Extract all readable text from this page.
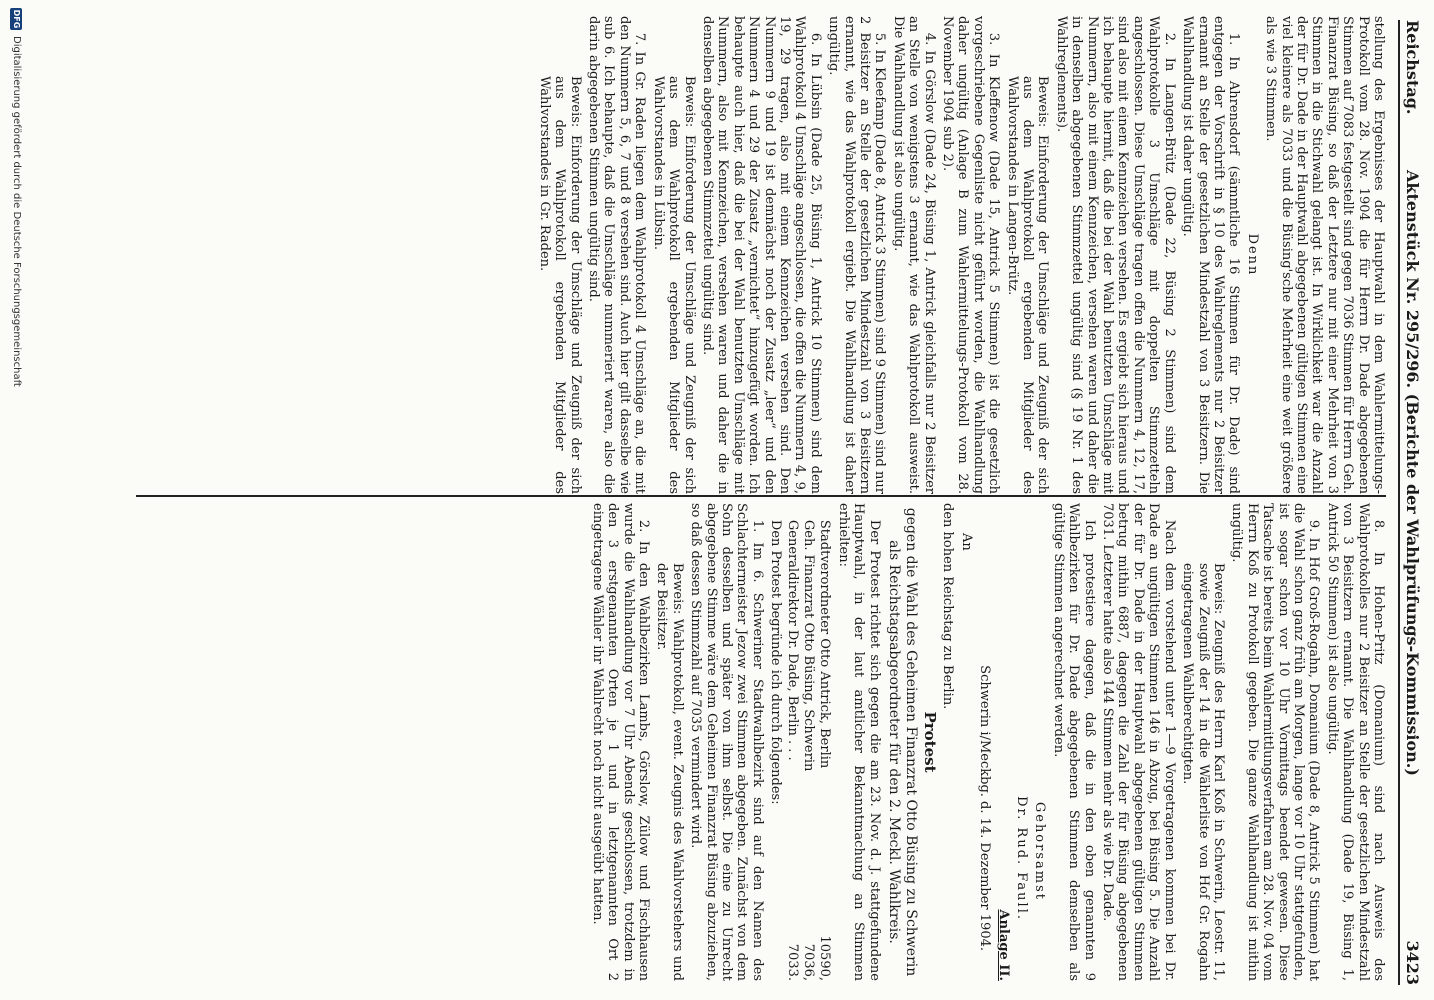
Reichstag.
Aktenstück Nr. 295/296. (Berichte der Wahlprüfungs-Kommission.)
3423

stellung des Ergebnisses der Hauptwahl in dem Wahlermittelungs-Protokoll vom 28. Nov. 1904 die für Herrn Dr. Dade abgegebenen Stimmen auf 7083 festgestellt sind gegen 7036 Stimmen für Herrn Geh. Finanzrat Büsing, so daß der Letztere nur mit einer Mehrheit von 3 Stimmen in die Stichwahl gelangt ist. In Wirklichkeit war die Anzahl der für Dr. Dade in der Hauptwahl abgegebenen gültigen Stimmen eine viel kleinere als 7033 und die Büsing'sche Mehrheit eine weit größere als wie 3 Stimmen.

Denn

1. In Ahrensdorf (sämmtliche 16 Stimmen für Dr. Dade) sind entgegen der Vorschrift in § 10 des Wahlreglements nur 2 Beisitzer ernannt an Stelle der gesetzlichen Mindestzahl von 3 Beisitzern. Die Wahlhandlung ist daher ungültig.

2. In Langen-Brütz (Dade 22, Büsing 2 Stimmen) sind dem Wahlprotokolle 3 Umschläge mit doppelten Stimmzetteln angeschlossen. Diese Umschläge tragen offen die Nummern 4, 12, 17, sind also mit einem Kennzeichen versehen. Es ergiebt sich hieraus und ich behaupte hiermit, daß die bei der Wahl benutzten Umschläge mit Nummern, also mit einem Kennzeichen, versehen waren und daher die in denselben abgegebenen Stimmzettel ungültig sind (§ 19 Nr. 1 des Wahlreglements).

Beweis: Einforderung der Umschläge und Zeugniß der sich aus dem Wahlprotokoll ergebenden Mitglieder des Wahlvorstandes in Langen-Brütz.

3. In Kleffenow (Dade 15, Antrick 5 Stimmen) ist die gesetzlich vorgeschriebene Gegenliste nicht geführt worden, die Wahlhandlung daher ungültig (Anlage B zum Wahlermittelungs-Protokoll vom 28. November 1904 sub 2).

4. In Görslow (Dade 24, Büsing 1, Antrick gleichfalls nur 2 Beisitzer an Stelle von wenigstens 3 ernannt, wie das Wahlprotokoll ausweist. Die Wahlhandlung ist also ungültig.

5. In Kleefamp (Dade 8, Antrick 3 Stimmen) sind 9 Stimmen) sind nur 2 Beisitzer an Stelle der gesetzlichen Mindestzahl von 3 Beisitzern ernannt, wie das Wahlprotokoll ergiebt. Die Wahlhandlung ist daher ungültig.

6. In Lübsin (Dade 25, Büsing 1, Antrick 10 Stimmen) sind dem Wahlprotokoll 4 Umschläge angeschlossen, die offen die Nummern 4, 9, 19, 29 tragen, also mit einem Kennzeichen versehen sind. Den Nummern 9 und 19 ist demnächst noch der Zusatz „leer“ und den Nummern 4 und 29 der Zusatz „vernichtet“ hinzugefügt worden. Ich behaupte auch hier, daß die bei der Wahl benutzten Umschläge mit Nummern, also mit Kennzeichen, versehen waren und daher die in denselben abgegebenen Stimmzettel ungültig sind.

Beweis: Einforderung der Umschläge und Zeugniß der sich aus dem Wahlprotokoll ergebenden Mitglieder des Wahlvorstandes in Lübsin.

7. In Gr. Raden liegen dem Wahlprotokoll 4 Umschläge an, die mit den Nummern 5, 6, 7 und 8 versehen sind. Auch hier gilt dasselbe wie sub 6. Ich behaupte, daß die Umschläge nummeriert waren, also die darin abgegebenen Stimmen ungültig sind.

Beweis: Einforderung der Umschläge und Zeugniß der sich aus dem Wahlprotokoll ergebenden Mitglieder des Wahlvorstandes in Gr. Raden.

8. In Hohen-Pritz (Domanium) sind nach Ausweis des Wahlprotokolles nur 2 Beisitzer an Stelle der gesetzlichen Mindestzahl von 3 Beisitzern ernannt. Die Wahlhandlung (Dade 19, Büsing 1, Antrick 50 Stimmen) ist also ungültig.

9. In Hof Groß-Rogahn, Domanium (Dade 8, Antrick 5 Stimmen) hat die Wahl schon ganz früh am Morgen, lange vor 10 Uhr stattgefunden, ist sogar schon vor 10 Uhr Vormittags beendet gewesen. Diese Tatsache ist bereits beim Wahlermittlungsverfahren am 28. Nov. 04 vom Herrn Koß zu Protokoll gegeben. Die ganze Wahlhandlung ist mithin ungültig.

Beweis: Zeugniß des Herrn Karl Koß in Schwerin, Leostr. 11, sowie Zeugniß der 14 in die Wählerliste von Hof Gr. Rogahn eingetragenen Wahlberechtigten.

Nach dem vorstehend unter 1—9 Vorgetragenen kommen bei Dr. Dade an ungültigen Stimmen 146 in Abzug, bei Büsing 5. Die Anzahl der für Dr. Dade in der Hauptwahl abgegebenen gültigen Stimmen betrug mithin 6887, dagegen die Zahl der für Büsing abgegebenen 7031. Letzterer hatte also 144 Stimmen mehr als wie Dr. Dade.

Ich protestiere dagegen, daß die in den oben genannten 9 Wahlbezirken für Dr. Dade abgegebenen Stimmen demselben als gültige Stimmen angerechnet werden.

Gehorsamst

Dr. Rud. Faull.

Anlage II.

Schwerin i/Meckbg. d. 14. Dezember 1904.

An

den hohen Reichstag zu Berlin.

Protest

gegen die Wahl des Geheimen Finanzrat Otto Büsing zu Schwerin als Reichstagsabgeordneter für den 2. Meckl. Wahlkreis.

Der Protest richtet sich gegen die am 23. Nov. d. J. stattgefundene Hauptwahl, in der laut amtlicher Bekanntmachung an Stimmen erhielten:

Stadtverordneter Otto Antrick, Berlin
10590,
Geh. Finanzrat Otto Büsing, Schwerin
7036,
Generaldirektor Dr. Dade, Berlin . . .
7033.

Den Protest begründe ich durch folgendes:

1. Im 6. Schweriner Stadtwahlbezirk sind auf den Namen des Schlachtermeister Jezow zwei Stimmen abgegeben. Zunächst von dem Sohn desselben und später von ihm selbst. Die eine zu Unrecht abgegebene Stimme wäre dem Geheimen Finanzrat Büsing abzuziehen, so daß dessen Stimmzahl auf 7035 vermindert wird.

Beweis: Wahlprotokoll, event. Zeugnis des Wahlvorstehers und der Beisitzer.

2. In den Wahlbezirken Lambs, Görslow, Zülow und Fischhausen wurde die Wahlhandlung vor 7 Uhr Abends geschlossen, trotzdem in den 3 erstgenannten Orten je 1 und in letztgenannten Ort 2 eingetragene Wähler ihr Wahlrecht noch nicht ausgeübt hatten.

DFG
Digitalisierung gefördert durch die Deutsche Forschungsgemeinschaft
